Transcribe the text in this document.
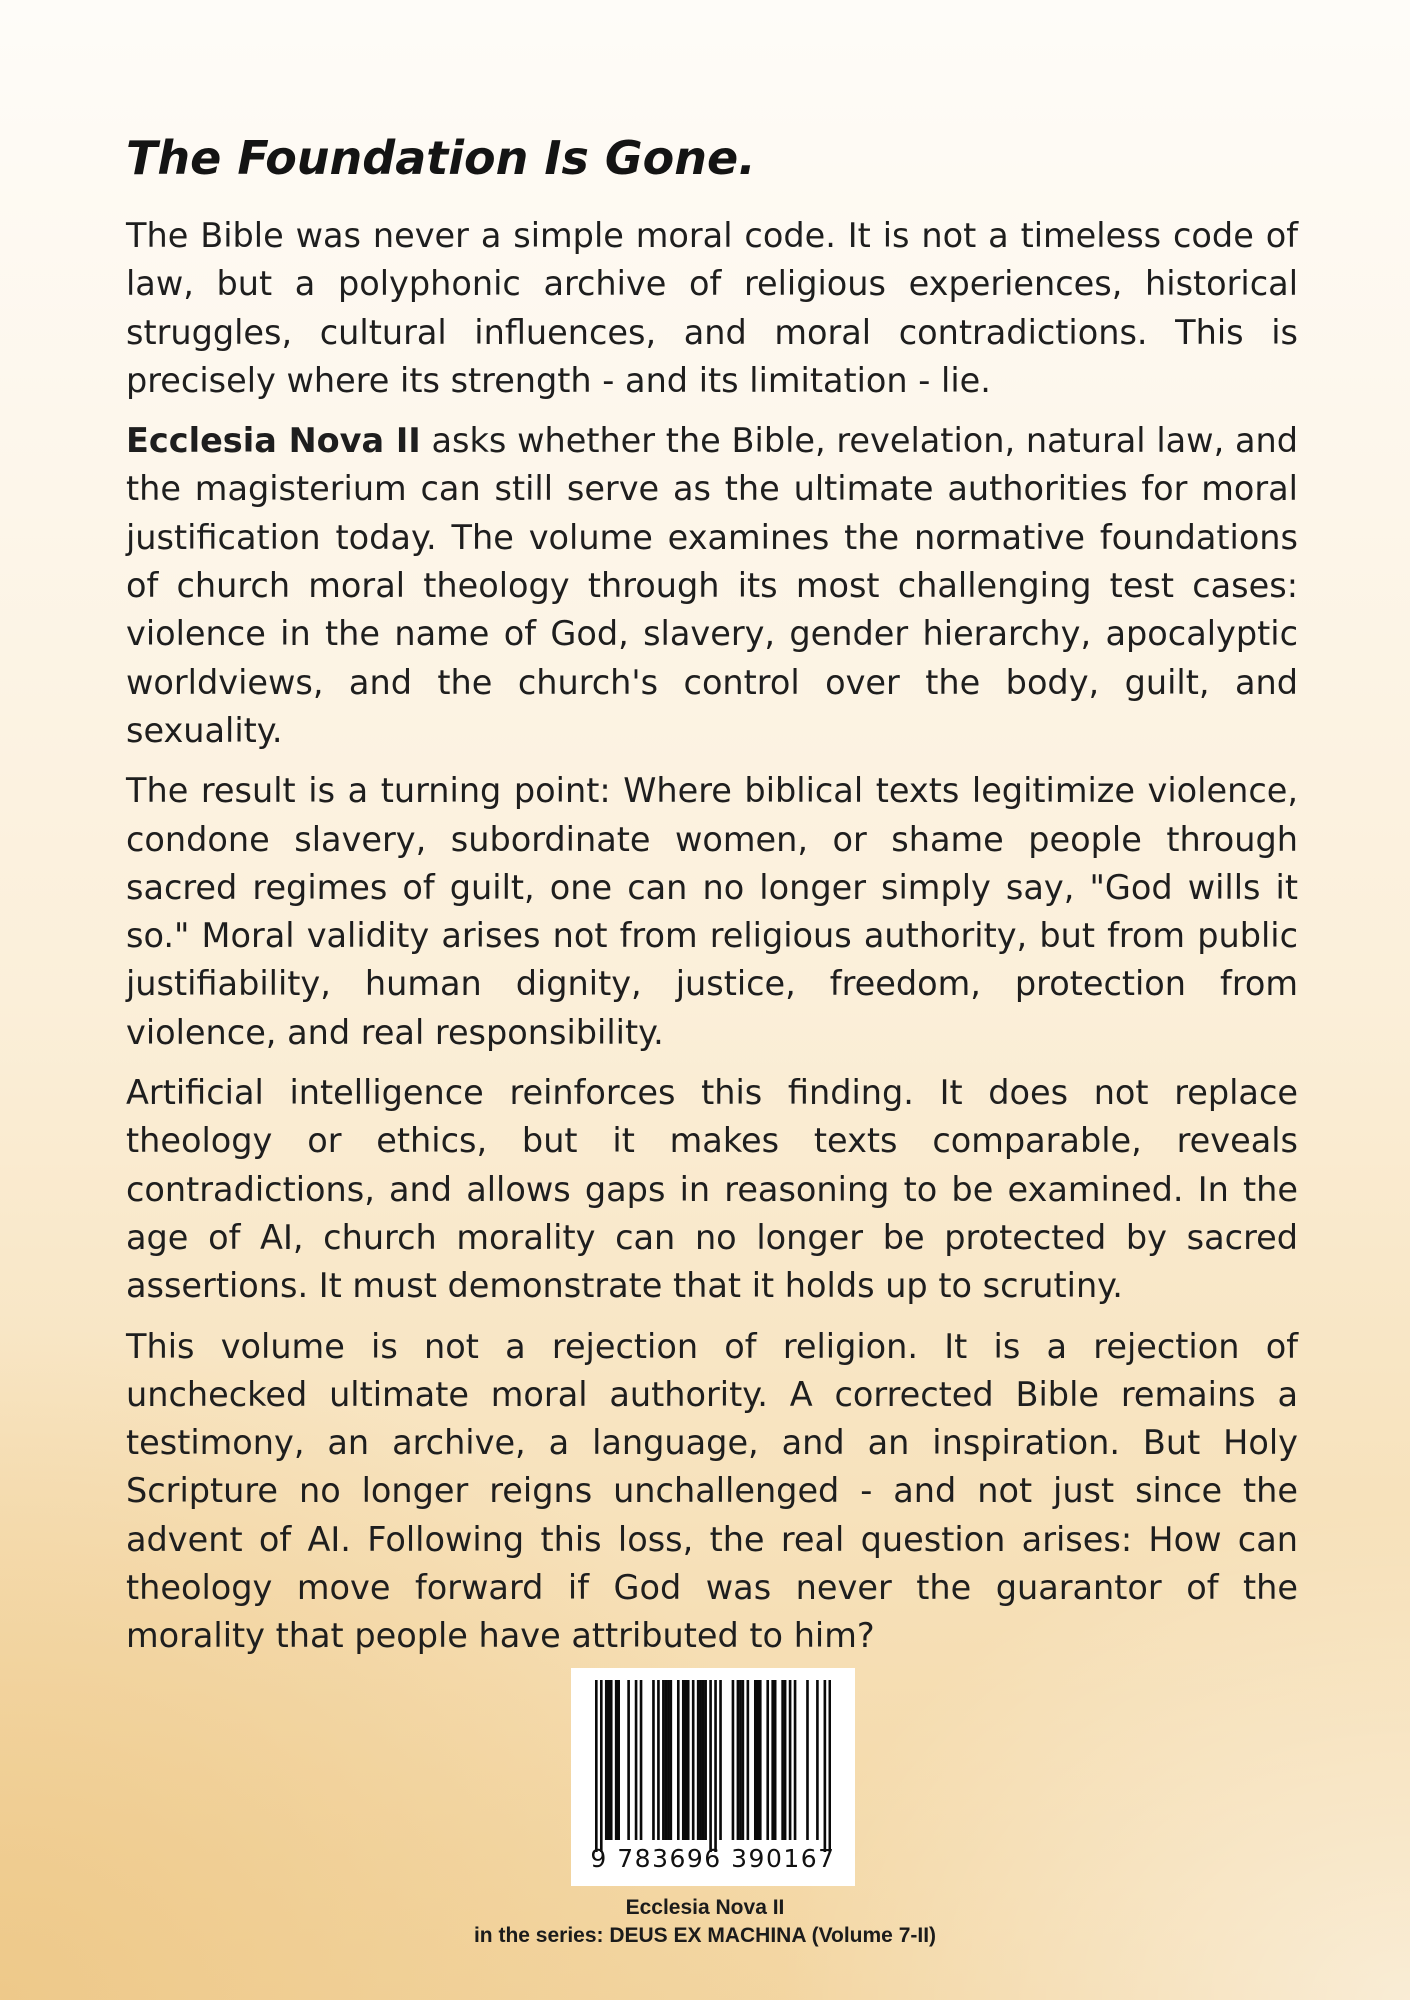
The Foundation Is Gone.

The Bible was never a simple moral code. It is not a timeless code of law, but a polyphonic archive of religious experiences, historical struggles, cultural influences, and moral contradictions. This is precisely where its strength - and its limitation - lie.

Ecclesia Nova II asks whether the Bible, revelation, natural law, and the magisterium can still serve as the ultimate authorities for moral justification today. The volume examines the normative foundations of church moral theology through its most challenging test cases: violence in the name of God, slavery, gender hierarchy, apocalyptic worldviews, and the church's control over the body, guilt, and sexuality.

The result is a turning point: Where biblical texts legitimize violence, condone slavery, subordinate women, or shame people through sacred regimes of guilt, one can no longer simply say, "God wills it so." Moral validity arises not from religious authority, but from public justifiability, human dignity, justice, freedom, protection from violence, and real responsibility.

Artificial intelligence reinforces this finding. It does not replace theology or ethics, but it makes texts comparable, reveals contradictions, and allows gaps in reasoning to be examined. In the age of AI, church morality can no longer be protected by sacred assertions. It must demonstrate that it holds up to scrutiny.

This volume is not a rejection of religion. It is a rejection of unchecked ultimate moral authority. A corrected Bible remains a testimony, an archive, a language, and an inspiration. But Holy Scripture no longer reigns unchallenged - and not just since the advent of AI. Following this loss, the real question arises: How can theology move forward if God was never the guarantor of the morality that people have attributed to him?

9 783696 390167
Ecclesia Nova II
in the series: DEUS EX MACHINA (Volume 7-II)
